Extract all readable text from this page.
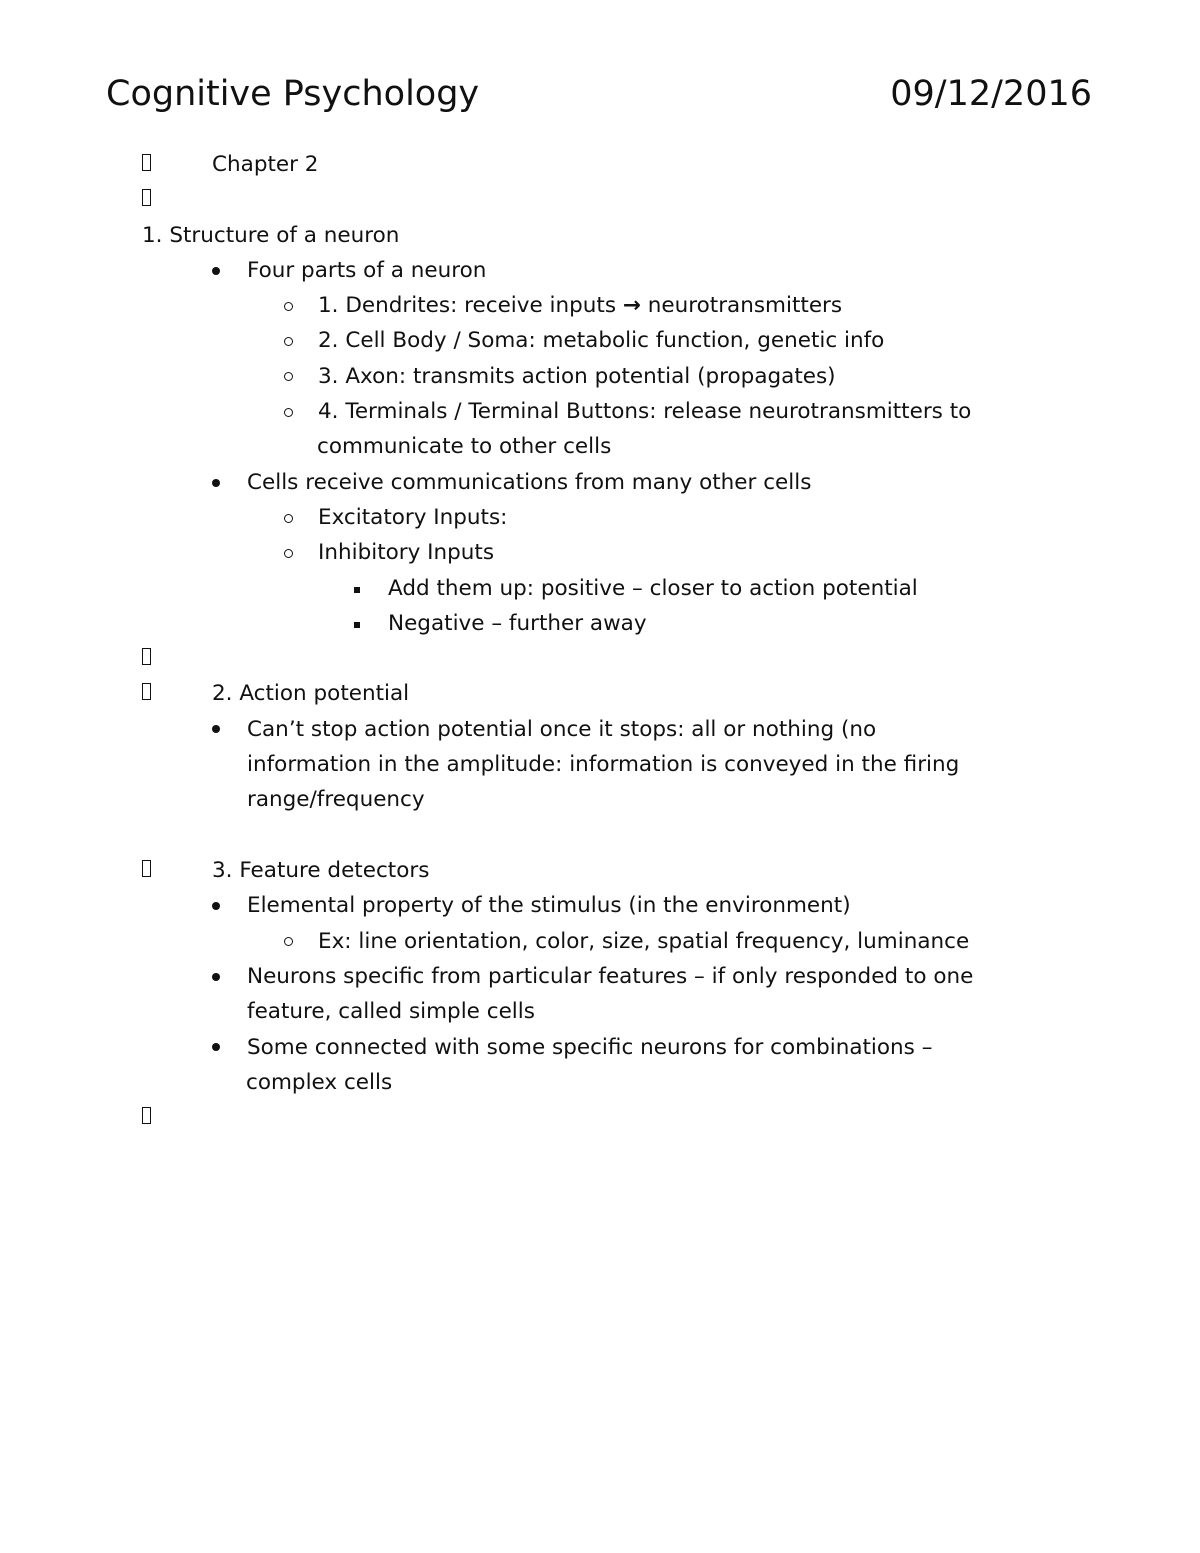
Cognitive Psychology	09/12/2016
Chapter 2
1. Structure of a neuron
Four parts of a neuron
1. Dendrites: receive inputs → neurotransmitters
2. Cell Body / Soma: metabolic function, genetic info
3. Axon: transmits action potential (propagates)
4. Terminals / Terminal Buttons: release neurotransmitters to
communicate to other cells
Cells receive communications from many other cells
Excitatory Inputs:
Inhibitory Inputs
Add them up: positive – closer to action potential
Negative – further away
2. Action potential
Can’t stop action potential once it stops: all or nothing (no
information in the amplitude: information is conveyed in the firing
range/frequency
3. Feature detectors
Elemental property of the stimulus (in the environment)
Ex: line orientation, color, size, spatial frequency, luminance
Neurons specific from particular features – if only responded to one
feature, called simple cells
Some connected with some specific neurons for combinations –
complex cells
